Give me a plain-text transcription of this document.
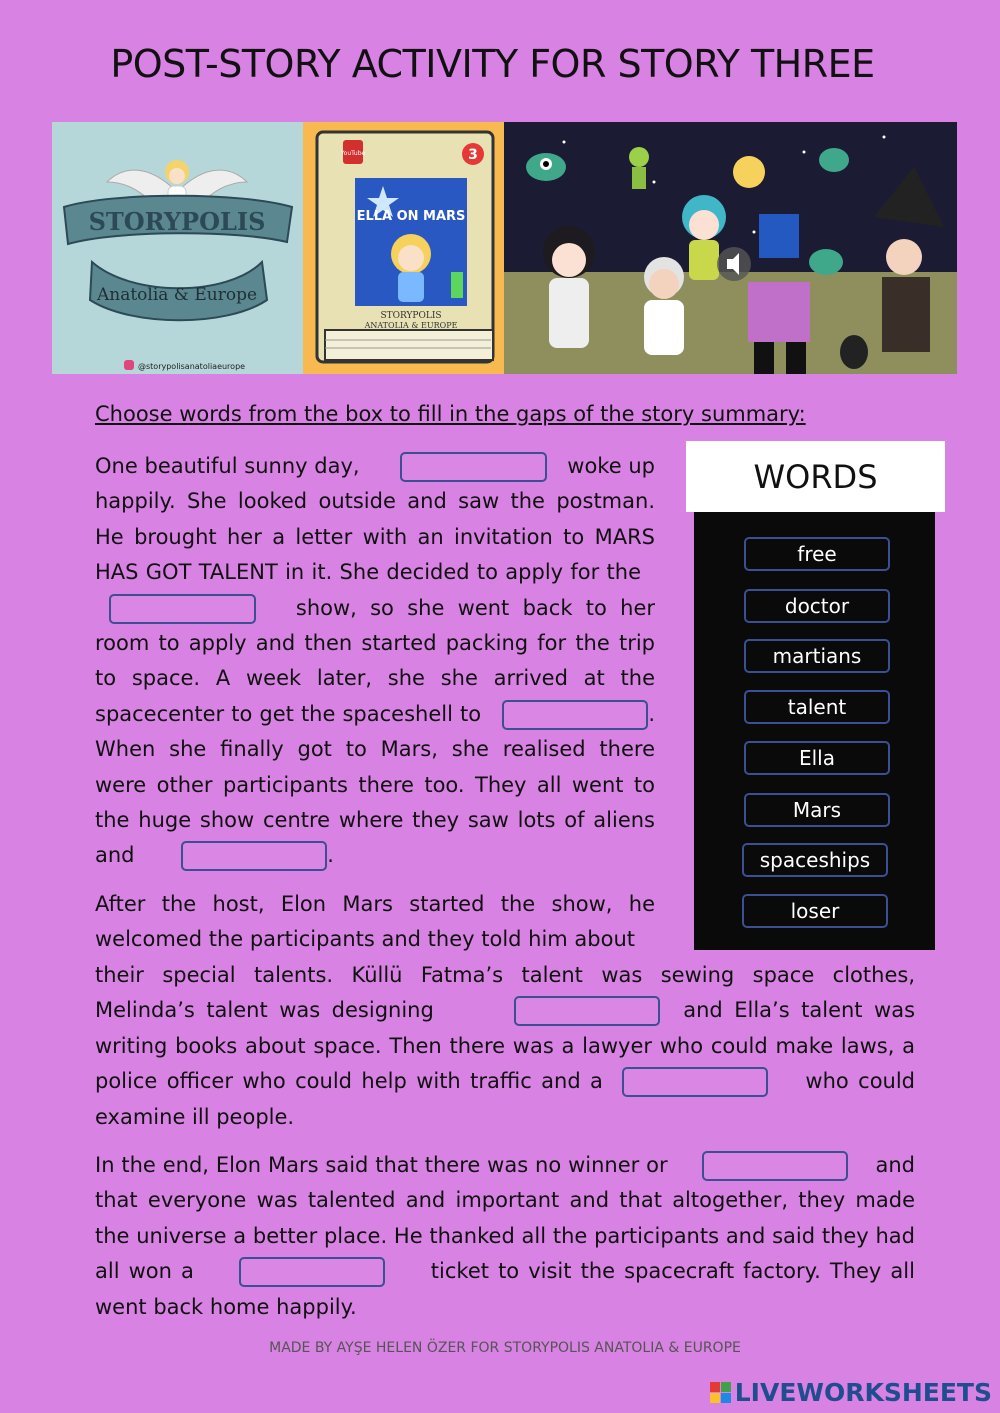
POST-STORY ACTIVITY FOR STORY THREE
STORYPOLIS
Anatolia & Europe
@storypolisanatoliaeurope
YouTube	3
ELLA ON MARS
STORYPOLIS
ANATOLIA & EUROPE
Choose words from the box to fill in the gaps of the story summary:
One beautiful sunny day,	woke up happily. She looked outside and saw the postman. He brought her a letter with an invitation to MARS HAS GOT TALENT in it. She decided to apply for the      show, so she went back to her room to apply and then started packing for the trip to space. A week later, she she arrived at the spacecenter to get the spaceshell to	. When she finally got to Mars, she realised there were other participants there too. They all went to the huge show centre where they saw lots of aliens and	.
After the host, Elon Mars started the show, he welcomed the participants and they told him about
their special talents. Küllü Fatma’s talent was sewing space clothes, Melinda’s talent was designing	and Ella’s talent was writing books about space. Then there was a lawyer who could make laws, a police officer who could help with traffic and a	who could examine ill people.
In the end, Elon Mars said that there was no winner or	and that everyone was talented and important and that altogether, they made the universe a better place. He thanked all the participants and said they had all won a	ticket to visit the spacecraft factory. They all went back home happily.
WORDS
free
doctor
martians
talent
Ella
Mars
spaceships
loser
MADE BY AYŞE HELEN ÖZER FOR STORYPOLIS ANATOLIA & EUROPE
LIVEWORKSHEETS
